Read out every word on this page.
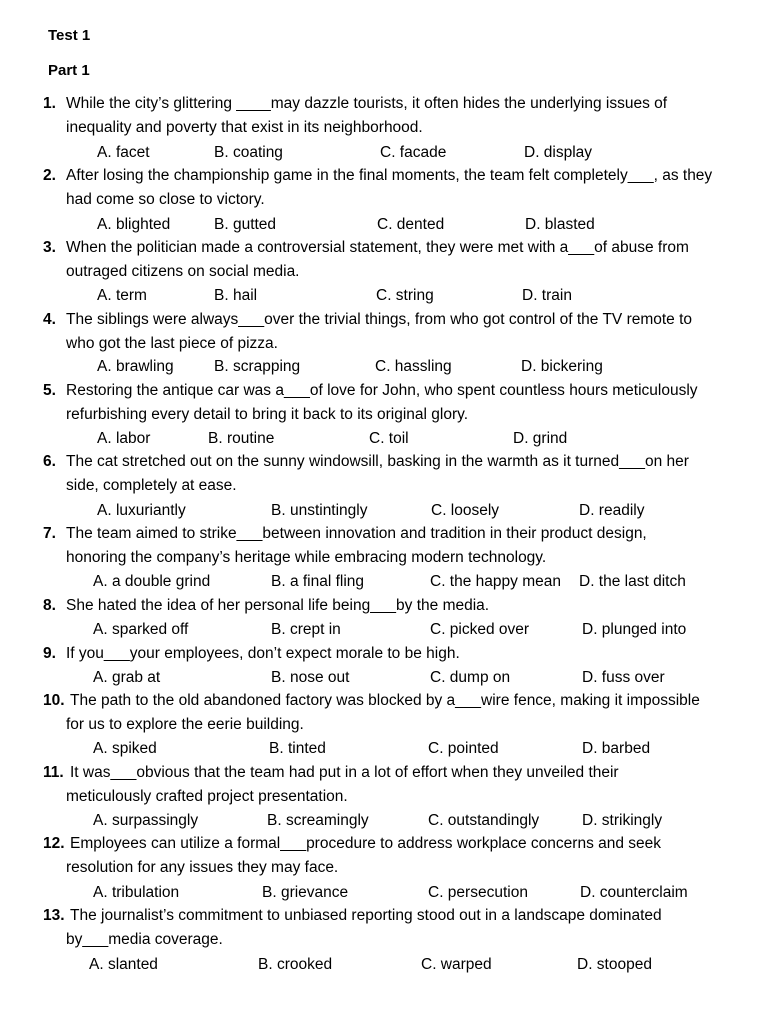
Test 1
Part 1
1. While the city’s glittering ____may dazzle tourists, it often hides the underlying issues of
inequality and poverty that exist in its neighborhood.
A. facet	B. coating	C. facade	D. display
2. After losing the championship game in the final moments, the team felt completely___, as they
had come so close to victory.
A. blighted	B. gutted	C. dented	D. blasted
3. When the politician made a controversial statement, they were met with a___of abuse from
outraged citizens on social media.
A. term	B. hail	C. string	D. train
4. The siblings were always___over the trivial things, from who got control of the TV remote to
who got the last piece of pizza.
A. brawling	B. scrapping	C. hassling	D. bickering
5. Restoring the antique car was a___of love for John, who spent countless hours meticulously
refurbishing every detail to bring it back to its original glory.
A. labor	B. routine	C. toil	D. grind
6. The cat stretched out on the sunny windowsill, basking in the warmth as it turned___on her
side, completely at ease.
A. luxuriantly	B. unstintingly	C. loosely	D. readily
7. The team aimed to strike___between innovation and tradition in their product design,
honoring the company’s heritage while embracing modern technology.
A. a double grind	B. a final fling	C. the happy mean D. the last ditch
8. She hated the idea of her personal life being___by the media.
A. sparked off	B. crept in	C. picked over	D. plunged into
9. If you___your employees, don’t expect morale to be high.
A. grab at	B. nose out	C. dump on	D. fuss over
10. The path to the old abandoned factory was blocked by a___wire fence, making it impossible
for us to explore the eerie building.
A. spiked	B. tinted	C. pointed	D. barbed
11. It was___obvious that the team had put in a lot of effort when they unveiled their
meticulously crafted project presentation.
A. surpassingly	B. screamingly	C. outstandingly	D. strikingly
12. Employees can utilize a formal___procedure to address workplace concerns and seek
resolution for any issues they may face.
A. tribulation	B. grievance	C. persecution	D. counterclaim
13. The journalist’s commitment to unbiased reporting stood out in a landscape dominated
by___media coverage.
A. slanted	B. crooked	C. warped	D. stooped
